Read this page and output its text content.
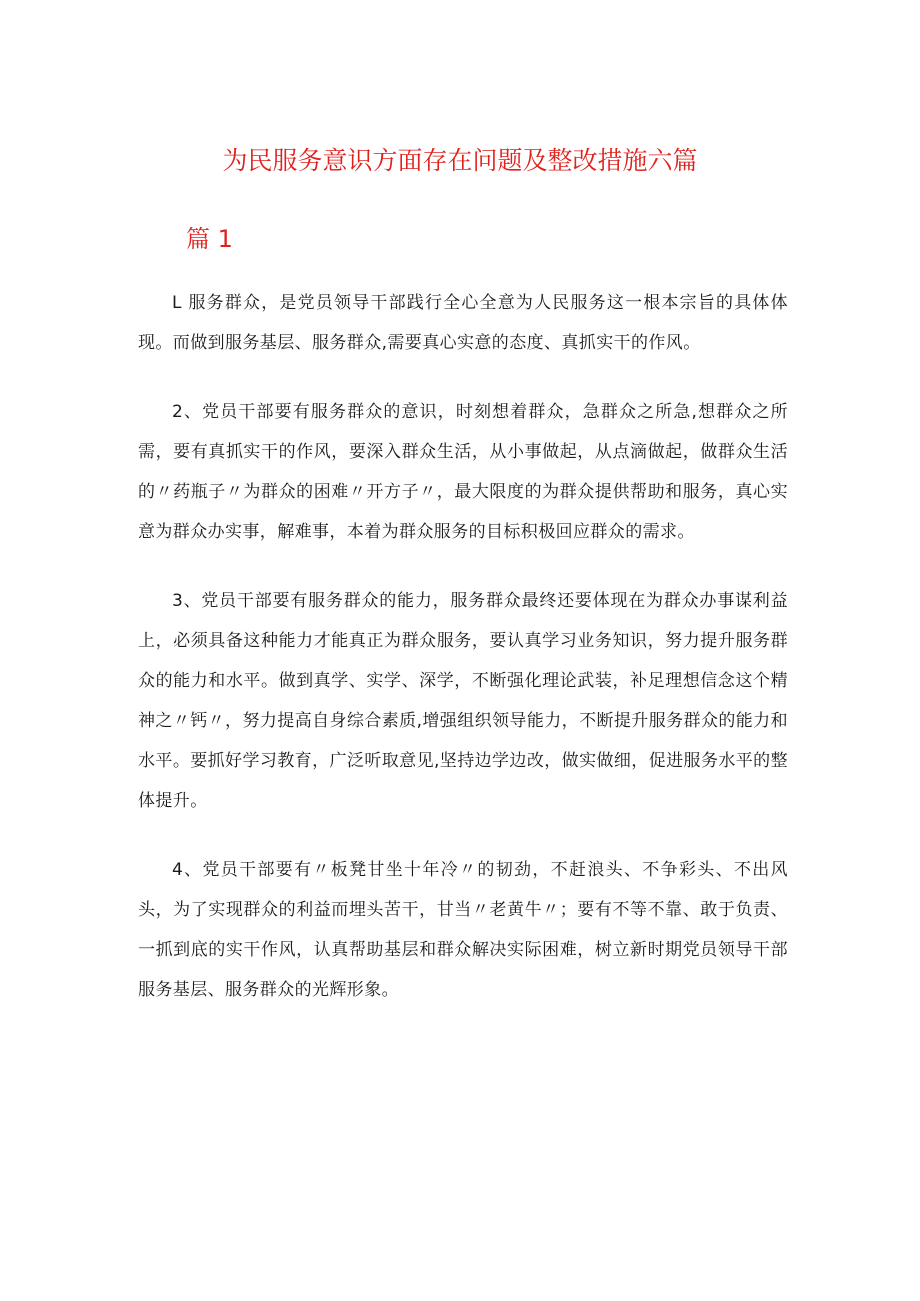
为民服务意识方面存在问题及整改措施六篇
篇 1

L 服务群众，是党员领导干部践行全心全意为人民服务这一根本宗旨的具体体现。而做到服务基层、服务群众,需要真心实意的态度、真抓实干的作风。

2、党员干部要有服务群众的意识，时刻想着群众，急群众之所急,想群众之所需，要有真抓实干的作风，要深入群众生活，从小事做起，从点滴做起，做群众生活的〃药瓶子〃为群众的困难〃开方子〃，最大限度的为群众提供帮助和服务，真心实意为群众办实事，解难事，本着为群众服务的目标积极回应群众的需求。

3、党员干部要有服务群众的能力，服务群众最终还要体现在为群众办事谋利益上，必须具备这种能力才能真正为群众服务，要认真学习业务知识，努力提升服务群众的能力和水平。做到真学、实学、深学，不断强化理论武装，补足理想信念这个精神之〃钙〃，努力提高自身综合素质,增强组织领导能力，不断提升服务群众的能力和水平。要抓好学习教育，广泛听取意见,坚持边学边改，做实做细，促进服务水平的整体提升。

4、党员干部要有〃板凳甘坐十年冷〃的韧劲，不赶浪头、不争彩头、不出风头，为了实现群众的利益而埋头苦干，甘当〃老黄牛〃；要有不等不靠、敢于负责、一抓到底的实干作风，认真帮助基层和群众解决实际困难，树立新时期党员领导干部服务基层、服务群众的光辉形象。
